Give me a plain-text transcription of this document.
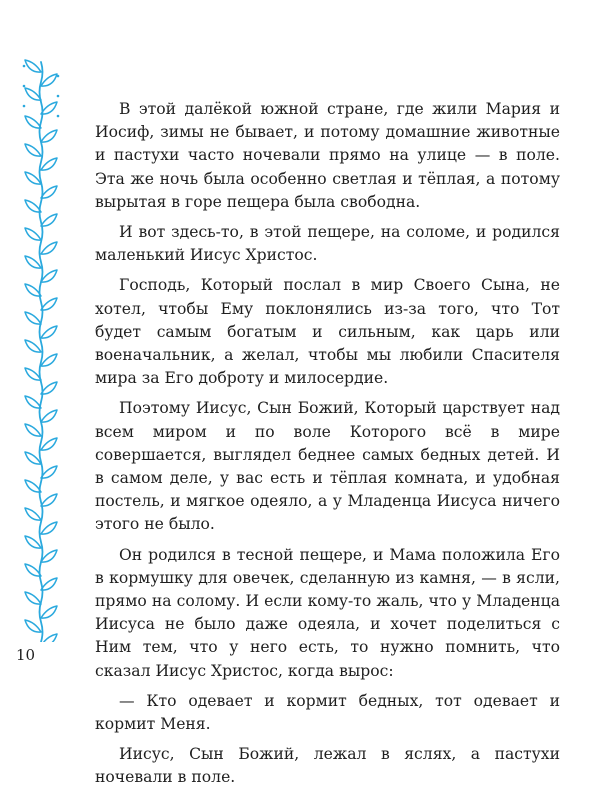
В этой далёкой южной стране, где жили Мария и Иосиф, зимы не бывает, и потому домашние животные и пастухи часто ночевали прямо на улице — в поле. Эта же ночь была особенно светлая и тёплая, а потому вырытая в горе пещера была свободна.

И вот здесь-то, в этой пещере, на соломе, и родился маленький Иисус Христос.

Господь, Который послал в мир Своего Сына, не хотел, чтобы Ему поклонялись из-за того, что Тот будет самым богатым и сильным, как царь или военачальник, а желал, чтобы мы любили Спасителя мира за Его доброту и милосердие.

Поэтому Иисус, Сын Божий, Который царствует над всем миром и по воле Которого всё в мире совершается, выглядел беднее самых бедных детей. И в самом деле, у вас есть и тёплая комната, и удобная постель, и мягкое одеяло, а у Младенца Иисуса ничего этого не было.

Он родился в тесной пещере, и Мама положила Его в кормушку для овечек, сделанную из камня, — в ясли, прямо на солому. И если кому-то жаль, что у Младенца Иисуса не было даже одеяла, и хочет поделиться с Ним тем, что у него есть, то нужно помнить, что сказал Иисус Христос, когда вырос:

— Кто одевает и кормит бедных, тот одевает и кормит Меня.

Иисус, Сын Божий, лежал в яслях, а пастухи ночевали в поле.

10
